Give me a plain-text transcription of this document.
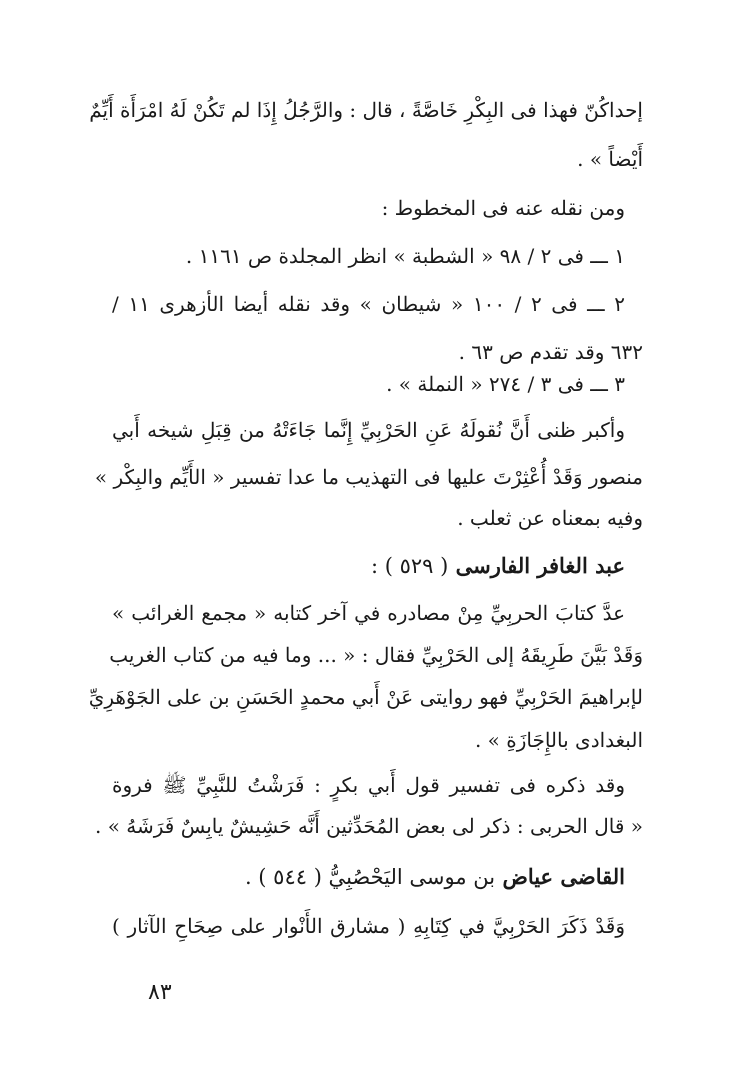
إحداكُنّ فهذا فى البِكْرِ خَاصَّةً ، قال : والرَّجُلُ إِذَا لم تَكُنْ لَهُ امْرَأَة أَيِّمٌ
أَيْضاً » .
ومن نقله عنه فى المخطوط :
١ ـــ فى ٢ / ٩٨ « الشطبة » انظر المجلدة ص ١١٦١ .
٢ ـــ فى ٢ / ١٠٠ « شيطان » وقد نقله أيضا الأزهرى ١١ /
٦٣٢ وقد تقدم ص ٦٣ .
٣ ـــ فى ٣ / ٢٧٤ « النملة » .
وأكبر ظنى أَنَّ نُقولَهُ عَنِ الحَرْبِيِّ إِنَّما جَاءَتْهُ من قِبَلِ شيخه أَبي
منصور وَقَدْ أُعْثِرْتَ عليها فى التهذيب ما عدا تفسير « الأَيِّم والبِكْر »
وفيه بمعناه عن ثعلب .
عبد الغافر الفارسى ( ٥٢٩ ) :
عدَّ كتابَ الحربِيِّ مِنْ مصادره في آخر كتابه « مجمع الغرائب »
وَقَدْ بَيَّنَ طَرِيقَهُ إلى الحَرْبِيِّ فقال : « ... وما فيه من كتاب الغريب
لإبراهيمَ الحَرْبِيِّ فهو روايتى عَنْ أَبي محمدٍ الحَسَنِ بن على الجَوْهَرِيِّ
البغدادى بالإِجَازَةِ » .
وقد ذكره فى تفسير قول أَبي بكرٍ : فَرَشْتُ للنَّبِيِّ ﷺ فروة
« قال الحربى : ذكر لى بعض المُحَدِّثين أَنَّه حَشِيشٌ يابِسٌ فَرَشَهُ » .
القاضى عياض بن موسى اليَحْصُبِيُّ ( ٥٤٤ ) .
وَقَدْ ذَكَرَ الحَرْبِيَّ في كِتَابِهِ ( مشارق الأَنْوار على صِحَاحِ الآثار )
٨٣
